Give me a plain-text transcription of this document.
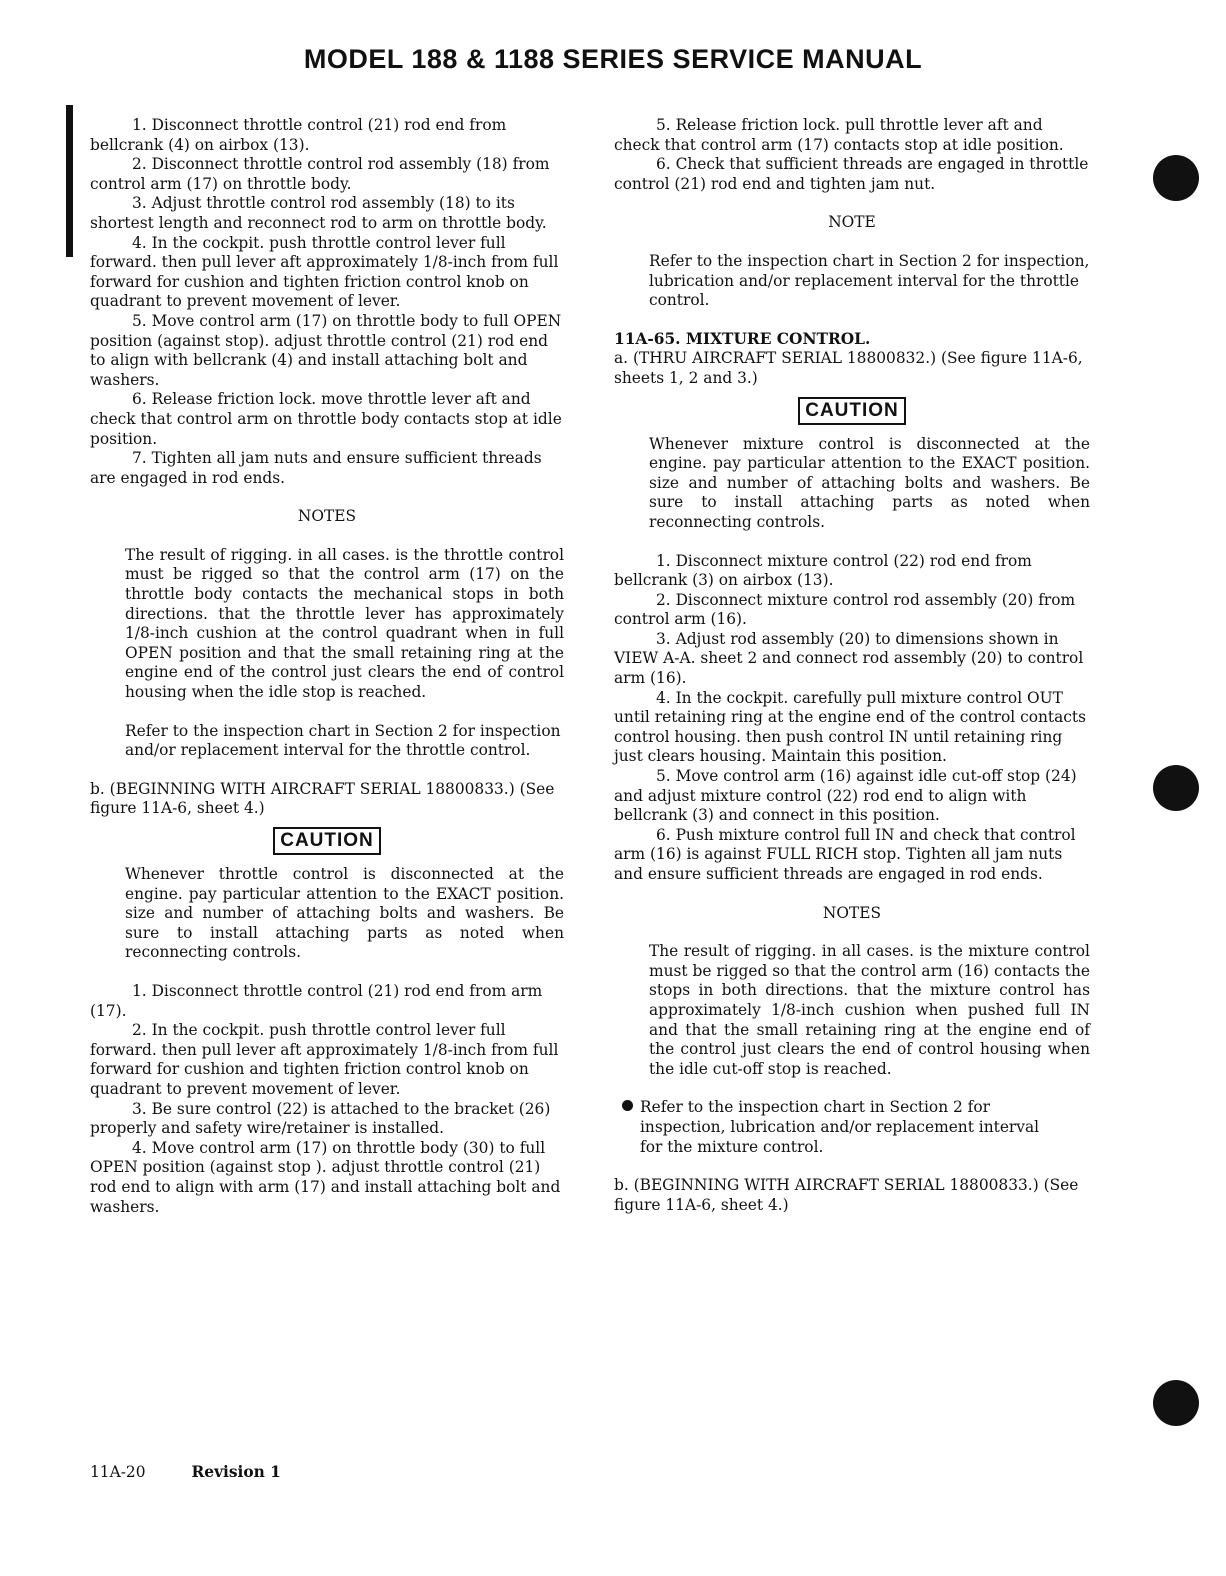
MODEL 188 & 1188 SERIES SERVICE MANUAL

1. Disconnect throttle control (21) rod end from bellcrank (4) on airbox (13).

2. Disconnect throttle control rod assembly (18) from control arm (17) on throttle body.

3. Adjust throttle control rod assembly (18) to its shortest length and reconnect rod to arm on throttle body.

4. In the cockpit. push throttle control lever full forward. then pull lever aft approximately 1/8-inch from full forward for cushion and tighten friction control knob on quadrant to prevent movement of lever.

5. Move control arm (17) on throttle body to full OPEN position (against stop). adjust throttle control (21) rod end to align with bellcrank (4) and install attaching bolt and washers.

6. Release friction lock. move throttle lever aft and check that control arm on throttle body contacts stop at idle position.

7. Tighten all jam nuts and ensure sufficient threads are engaged in rod ends.

NOTES

The result of rigging. in all cases. is the throttle control must be rigged so that the control arm (17) on the throttle body contacts the mechanical stops in both directions. that the throttle lever has approximately 1/8-inch cushion at the control quadrant when in full OPEN position and that the small retaining ring at the engine end of the control just clears the end of control housing when the idle stop is reached.

Refer to the inspection chart in Section 2 for inspection and/or replacement interval for the throttle control.

b. (BEGINNING WITH AIRCRAFT SERIAL 18800833.) (See figure 11A-6, sheet 4.)

CAUTION

Whenever throttle control is disconnected at the engine. pay particular attention to the EXACT position. size and number of attaching bolts and washers. Be sure to install attaching parts as noted when reconnecting controls.

1. Disconnect throttle control (21) rod end from arm (17).

2. In the cockpit. push throttle control lever full forward. then pull lever aft approximately 1/8-inch from full forward for cushion and tighten friction control knob on quadrant to prevent movement of lever.

3. Be sure control (22) is attached to the bracket (26) properly and safety wire/retainer is installed.

4. Move control arm (17) on throttle body (30) to full OPEN position (against stop ). adjust throttle control (21) rod end to align with arm (17) and install attaching bolt and washers.

5. Release friction lock. pull throttle lever aft and check that control arm (17) contacts stop at idle position.

6. Check that sufficient threads are engaged in throttle control (21) rod end and tighten jam nut.

NOTE

Refer to the inspection chart in Section 2 for inspection, lubrication and/or replacement interval for the throttle control.

11A-65. MIXTURE CONTROL.

a. (THRU AIRCRAFT SERIAL 18800832.) (See figure 11A-6, sheets 1, 2 and 3.)

CAUTION

Whenever mixture control is disconnected at the engine. pay particular attention to the EXACT position. size and number of attaching bolts and washers. Be sure to install attaching parts as noted when reconnecting controls.

1. Disconnect mixture control (22) rod end from bellcrank (3) on airbox (13).

2. Disconnect mixture control rod assembly (20) from control arm (16).

3. Adjust rod assembly (20) to dimensions shown in VIEW A-A. sheet 2 and connect rod assembly (20) to control arm (16).

4. In the cockpit. carefully pull mixture control OUT until retaining ring at the engine end of the control contacts control housing. then push control IN until retaining ring just clears housing. Maintain this position.

5. Move control arm (16) against idle cut-off stop (24) and adjust mixture control (22) rod end to align with bellcrank (3) and connect in this position.

6. Push mixture control full IN and check that control arm (16) is against FULL RICH stop. Tighten all jam nuts and ensure sufficient threads are engaged in rod ends.

NOTES

The result of rigging. in all cases. is the mixture control must be rigged so that the control arm (16) contacts the stops in both directions. that the mixture control has approximately 1/8-inch cushion when pushed full IN and that the small retaining ring at the engine end of the control just clears the end of control housing when the idle cut-off stop is reached.

Refer to the inspection chart in Section 2 for inspection, lubrication and/or replacement interval for the mixture control.

b. (BEGINNING WITH AIRCRAFT SERIAL 18800833.) (See figure 11A-6, sheet 4.)

11A-20	Revision 1
